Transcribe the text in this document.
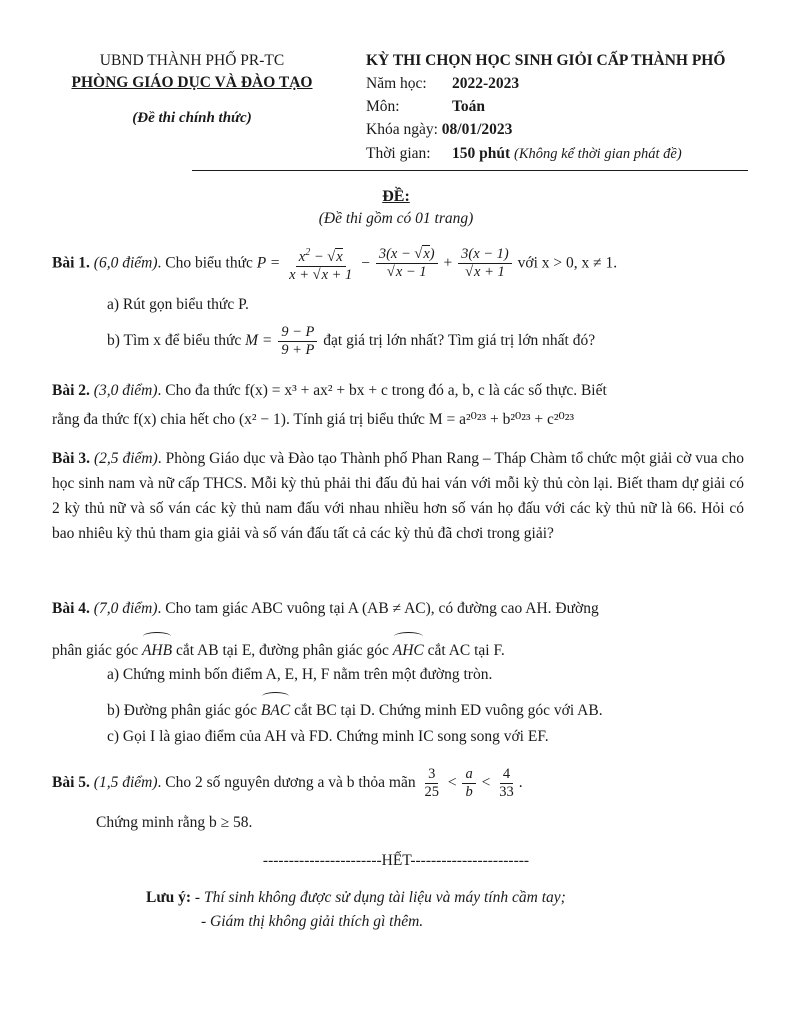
UBND THÀNH PHỐ PR-TC
PHÒNG GIÁO DỤC VÀ ĐÀO TẠO
(Đề thi chính thức)
KỲ THI CHỌN HỌC SINH GIỎI CẤP THÀNH PHỐ
Năm học: 2022-2023
Môn:	Toán
Khóa ngày: 08/01/2023
Thời gian: 150 phút (Không kể thời gian phát đề)
ĐỀ:
(Đề thi gồm có 01 trang)
Bài 1. (6,0 điểm). Cho biểu thức $P = \frac{x^2 - √x}{x + √x + 1} - \frac{3(x - √x)}{√x - 1} + \frac{3(x - 1)}{√x + 1}$ với x > 0, x ≠ 1.
a) Rút gọn biểu thức P.
b) Tìm x để biểu thức $M = \frac{9 - P}{9 + P}$ đạt giá trị lớn nhất? Tìm giá trị lớn nhất đó?
Bài 2. (3,0 điểm). Cho đa thức f(x) = x³ + ax² + bx + c trong đó a, b, c là các số thực. Biết
rằng đa thức f(x) chia hết cho (x² − 1). Tính giá trị biểu thức M = a²⁰²³ + b²⁰²³ + c²⁰²³
Bài 3. (2,5 điểm). Phòng Giáo dục và Đào tạo Thành phố Phan Rang – Tháp Chàm tổ chức một giải cờ vua cho học sinh nam và nữ cấp THCS. Mỗi kỳ thủ phải thi đấu đủ hai ván với mỗi kỳ thủ còn lại. Biết tham dự giải có 2 kỳ thủ nữ và số ván các kỳ thủ nam đấu với nhau nhiều hơn số ván họ đấu với các kỳ thủ nữ là 66. Hỏi có bao nhiêu kỳ thủ tham gia giải và số ván đấu tất cả các kỳ thủ đã chơi trong giải?
Bài 4. (7,0 điểm). Cho tam giác ABC vuông tại A (AB ≠ AC), có đường cao AH. Đường
phân giác góc AHB cắt AB tại E, đường phân giác góc AHC cắt AC tại F.
a) Chứng minh bốn điểm A, E, H, F nằm trên một đường tròn.
b) Đường phân giác góc BAC cắt BC tại D. Chứng minh ED vuông góc với AB.
c) Gọi I là giao điểm của AH và FD. Chứng minh IC song song với EF.
Bài 5. (1,5 điểm). Cho 2 số nguyên dương a và b thỏa mãn $\frac{3}{25} < \frac{a}{b} < \frac{4}{33}$ .
Chứng minh rằng b ≥ 58.
-----------------------HẾT-----------------------
Lưu ý: - Thí sinh không được sử dụng tài liệu và máy tính cầm tay;
- Giám thị không giải thích gì thêm.
